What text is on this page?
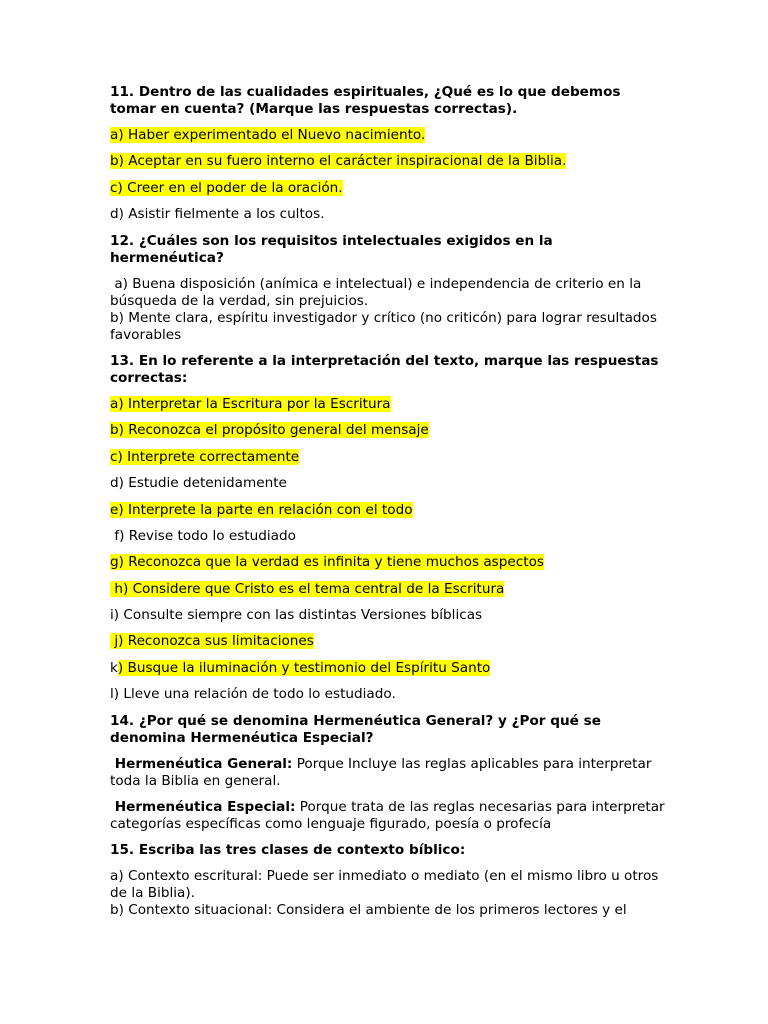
11. Dentro de las cualidades espirituales, ¿Qué es lo que debemos tomar en cuenta? (Marque las respuestas correctas).
a) Haber experimentado el Nuevo nacimiento.
b) Aceptar en su fuero interno el carácter inspiracional de la Biblia.
c) Creer en el poder de la oración.
d) Asistir fielmente a los cultos.
12. ¿Cuáles son los requisitos intelectuales exigidos en la hermenéutica?
a) Buena disposición (anímica e intelectual) e independencia de criterio en la búsqueda de la verdad, sin prejuicios.
b) Mente clara, espíritu investigador y crítico (no criticón) para lograr resultados favorables
13. En lo referente a la interpretación del texto, marque las respuestas correctas:
a) Interpretar la Escritura por la Escritura
b) Reconozca el propósito general del mensaje
c) Interprete correctamente
d) Estudie detenidamente
e) Interprete la parte en relación con el todo
f) Revise todo lo estudiado
g) Reconozca que la verdad es infinita y tiene muchos aspectos
h) Considere que Cristo es el tema central de la Escritura
i) Consulte siempre con las distintas Versiones bíblicas
j) Reconozca sus limitaciones
k) Busque la iluminación y testimonio del Espíritu Santo
l) Lleve una relación de todo lo estudiado.
14. ¿Por qué se denomina Hermenéutica General? y ¿Por qué se denomina Hermenéutica Especial?
Hermenéutica General: Porque Incluye las reglas aplicables para interpretar toda la Biblia en general.
Hermenéutica Especial: Porque trata de las reglas necesarias para interpretar categorías específicas como lenguaje figurado, poesía o profecía
15. Escriba las tres clases de contexto bíblico:
a) Contexto escritural: Puede ser inmediato o mediato (en el mismo libro u otros de la Biblia).
b) Contexto situacional: Considera el ambiente de los primeros lectores y el
